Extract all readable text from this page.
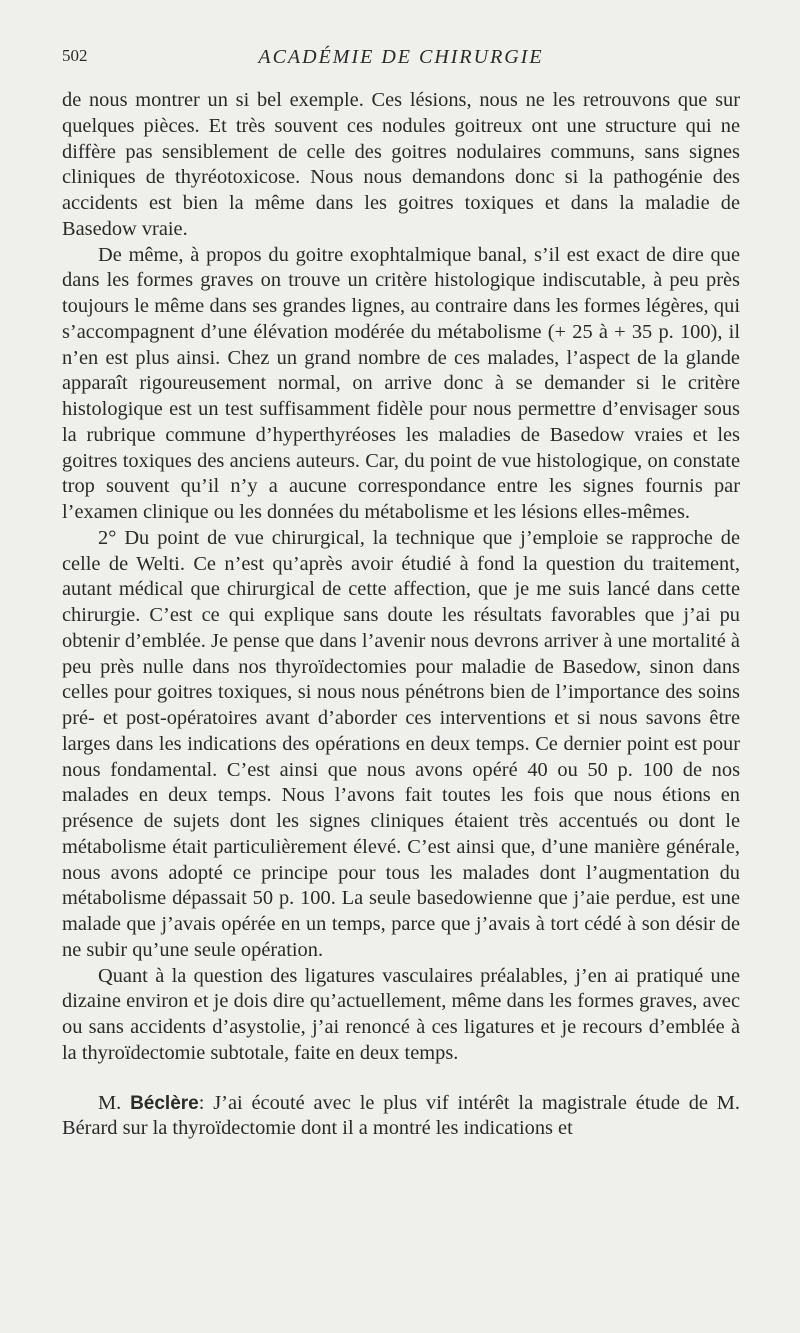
502	ACADÉMIE DE CHIRURGIE

de nous montrer un si bel exemple. Ces lésions, nous ne les retrouvons que sur quelques pièces. Et très souvent ces nodules goitreux ont une structure qui ne diffère pas sensiblement de celle des goitres nodulaires communs, sans signes cliniques de thyréotoxicose. Nous nous demandons donc si la pathogénie des accidents est bien la même dans les goitres toxiques et dans la maladie de Basedow vraie.

De même, à propos du goitre exophtalmique banal, s’il est exact de dire que dans les formes graves on trouve un critère histologique indiscutable, à peu près toujours le même dans ses grandes lignes, au contraire dans les formes légères, qui s’accompagnent d’une élévation modérée du métabolisme (+ 25 à + 35 p. 100), il n’en est plus ainsi. Chez un grand nombre de ces malades, l’aspect de la glande apparaît rigoureusement normal, on arrive donc à se demander si le critère histologique est un test suffisamment fidèle pour nous permettre d’envisager sous la rubrique commune d’hyperthyréoses les maladies de Basedow vraies et les goitres toxiques des anciens auteurs. Car, du point de vue histologique, on constate trop souvent qu’il n’y a aucune correspondance entre les signes fournis par l’examen clinique ou les données du métabolisme et les lésions elles-mêmes.

2° Du point de vue chirurgical, la technique que j’emploie se rapproche de celle de Welti. Ce n’est qu’après avoir étudié à fond la question du traitement, autant médical que chirurgical de cette affection, que je me suis lancé dans cette chirurgie. C’est ce qui explique sans doute les résultats favorables que j’ai pu obtenir d’emblée. Je pense que dans l’avenir nous devrons arriver à une mortalité à peu près nulle dans nos thyroïdectomies pour maladie de Basedow, sinon dans celles pour goitres toxiques, si nous nous pénétrons bien de l’importance des soins pré- et post-opératoires avant d’aborder ces interventions et si nous savons être larges dans les indications des opérations en deux temps. Ce dernier point est pour nous fondamental. C’est ainsi que nous avons opéré 40 ou 50 p. 100 de nos malades en deux temps. Nous l’avons fait toutes les fois que nous étions en présence de sujets dont les signes cliniques étaient très accentués ou dont le métabolisme était particulièrement élevé. C’est ainsi que, d’une manière générale, nous avons adopté ce principe pour tous les malades dont l’augmentation du métabolisme dépassait 50 p. 100. La seule basedowienne que j’aie perdue, est une malade que j’avais opérée en un temps, parce que j’avais à tort cédé à son désir de ne subir qu’une seule opération.

Quant à la question des ligatures vasculaires préalables, j’en ai pratiqué une dizaine environ et je dois dire qu’actuellement, même dans les formes graves, avec ou sans accidents d’asystolie, j’ai renoncé à ces ligatures et je recours d’emblée à la thyroïdectomie subtotale, faite en deux temps.

M. Béclère: J’ai écouté avec le plus vif intérêt la magistrale étude de M. Bérard sur la thyroïdectomie dont il a montré les indications et
